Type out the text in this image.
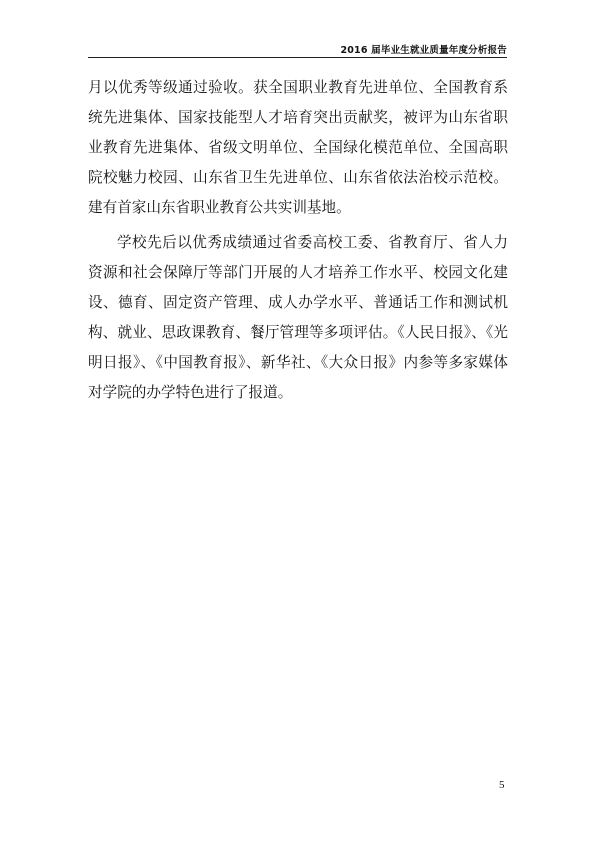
2016 届毕业生就业质量年度分析报告

月以优秀等级通过验收。获全国职业教育先进单位、全国教育系统先进集体、国家技能型人才培育突出贡献奖，被评为山东省职业教育先进集体、省级文明单位、全国绿化模范单位、全国高职院校魅力校园、山东省卫生先进单位、山东省依法治校示范校。建有首家山东省职业教育公共实训基地。

学校先后以优秀成绩通过省委高校工委、省教育厅、省人力资源和社会保障厅等部门开展的人才培养工作水平、校园文化建设、德育、固定资产管理、成人办学水平、普通话工作和测试机构、就业、思政课教育、餐厅管理等多项评估。《人民日报》、《光明日报》、《中国教育报》、新华社、《大众日报》内参等多家媒体对学院的办学特色进行了报道。

5
